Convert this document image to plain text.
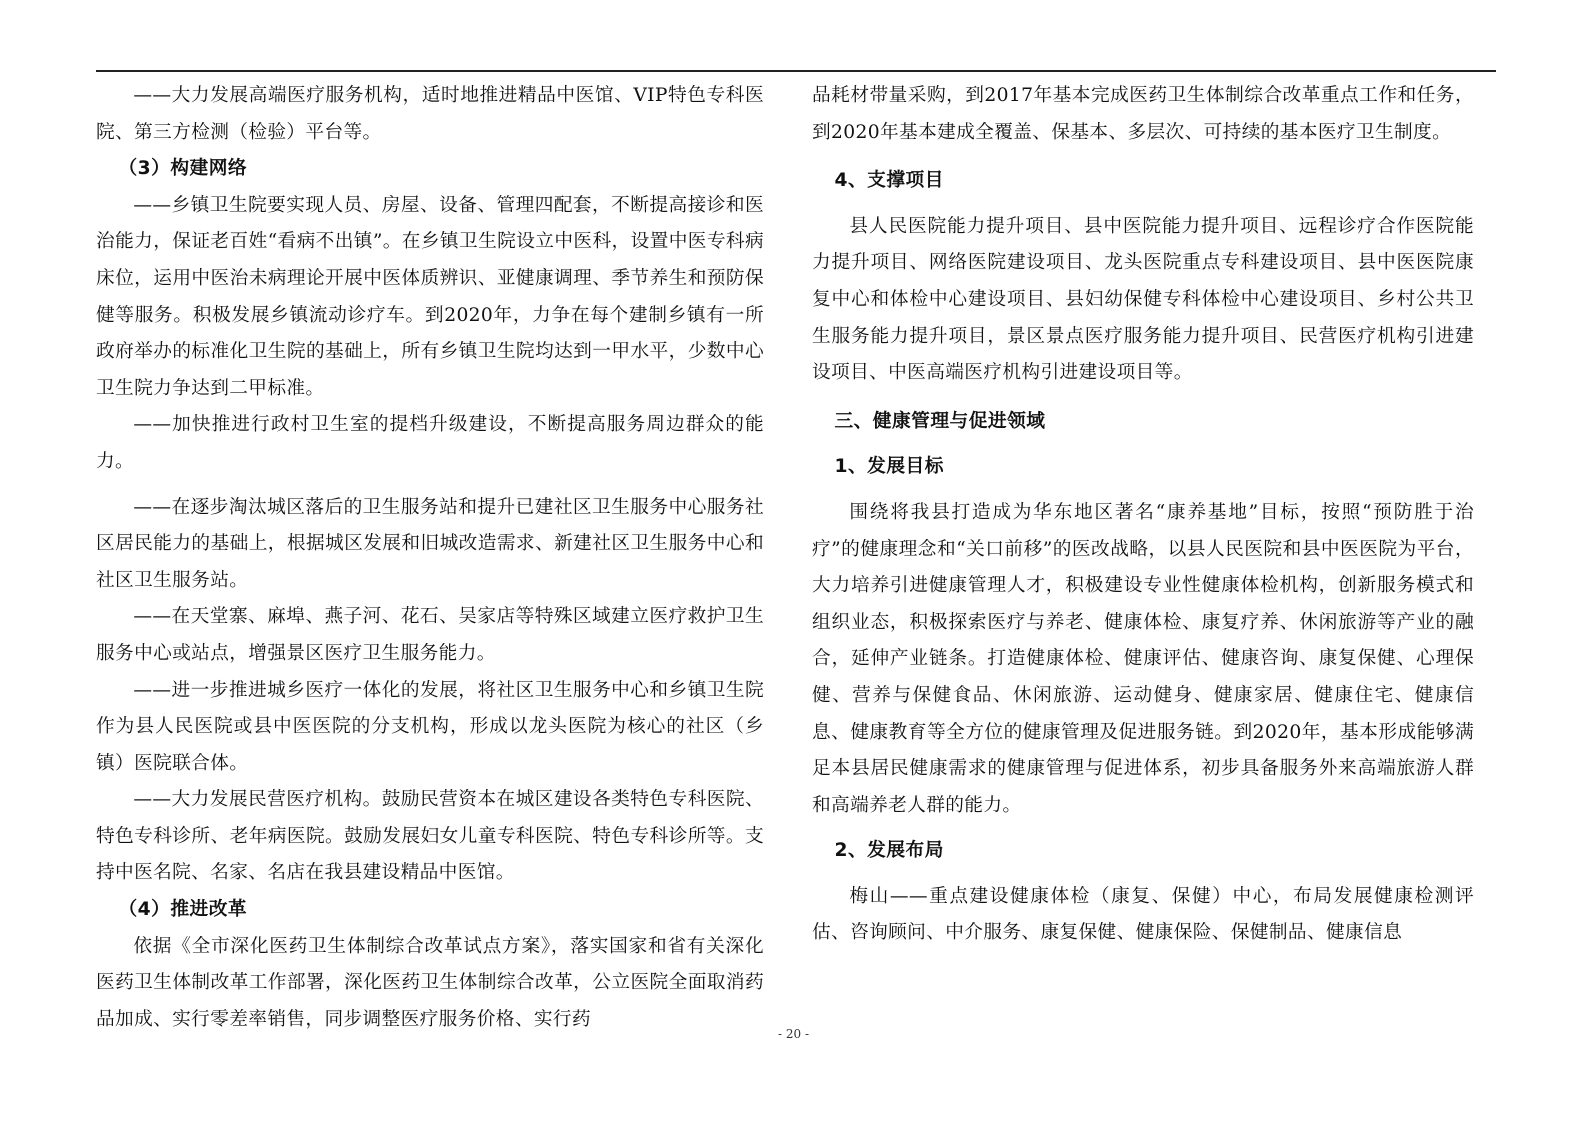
——大力发展高端医疗服务机构，适时地推进精品中医馆、VIP特色专科医院、第三方检测（检验）平台等。

（3）构建网络

——乡镇卫生院要实现人员、房屋、设备、管理四配套，不断提高接诊和医治能力，保证老百姓“看病不出镇”。在乡镇卫生院设立中医科，设置中医专科病床位，运用中医治未病理论开展中医体质辨识、亚健康调理、季节养生和预防保健等服务。积极发展乡镇流动诊疗车。到2020年，力争在每个建制乡镇有一所政府举办的标准化卫生院的基础上，所有乡镇卫生院均达到一甲水平，少数中心卫生院力争达到二甲标准。

——加快推进行政村卫生室的提档升级建设，不断提高服务周边群众的能力。

——在逐步淘汰城区落后的卫生服务站和提升已建社区卫生服务中心服务社区居民能力的基础上，根据城区发展和旧城改造需求、新建社区卫生服务中心和社区卫生服务站。

——在天堂寨、麻埠、燕子河、花石、吴家店等特殊区域建立医疗救护卫生服务中心或站点，增强景区医疗卫生服务能力。

——进一步推进城乡医疗一体化的发展，将社区卫生服务中心和乡镇卫生院作为县人民医院或县中医医院的分支机构，形成以龙头医院为核心的社区（乡镇）医院联合体。

——大力发展民营医疗机构。鼓励民营资本在城区建设各类特色专科医院、特色专科诊所、老年病医院。鼓励发展妇女儿童专科医院、特色专科诊所等。支持中医名院、名家、名店在我县建设精品中医馆。

（4）推进改革

依据《全市深化医药卫生体制综合改革试点方案》，落实国家和省有关深化医药卫生体制改革工作部署，深化医药卫生体制综合改革，公立医院全面取消药品加成、实行零差率销售，同步调整医疗服务价格、实行药

品耗材带量采购，到2017年基本完成医药卫生体制综合改革重点工作和任务，到2020年基本建成全覆盖、保基本、多层次、可持续的基本医疗卫生制度。

4、支撑项目

县人民医院能力提升项目、县中医院能力提升项目、远程诊疗合作医院能力提升项目、网络医院建设项目、龙头医院重点专科建设项目、县中医医院康复中心和体检中心建设项目、县妇幼保健专科体检中心建设项目、乡村公共卫生服务能力提升项目，景区景点医疗服务能力提升项目、民营医疗机构引进建设项目、中医高端医疗机构引进建设项目等。

三、健康管理与促进领域

1、发展目标

围绕将我县打造成为华东地区著名“康养基地”目标，按照“预防胜于治疗”的健康理念和“关口前移”的医改战略，以县人民医院和县中医医院为平台，大力培养引进健康管理人才，积极建设专业性健康体检机构，创新服务模式和组织业态，积极探索医疗与养老、健康体检、康复疗养、休闲旅游等产业的融合，延伸产业链条。打造健康体检、健康评估、健康咨询、康复保健、心理保健、营养与保健食品、休闲旅游、运动健身、健康家居、健康住宅、健康信息、健康教育等全方位的健康管理及促进服务链。到2020年，基本形成能够满足本县居民健康需求的健康管理与促进体系，初步具备服务外来高端旅游人群和高端养老人群的能力。

2、发展布局

梅山——重点建设健康体检（康复、保健）中心，布局发展健康检测评估、咨询顾问、中介服务、康复保健、健康保险、保健制品、健康信息

- 20 -
